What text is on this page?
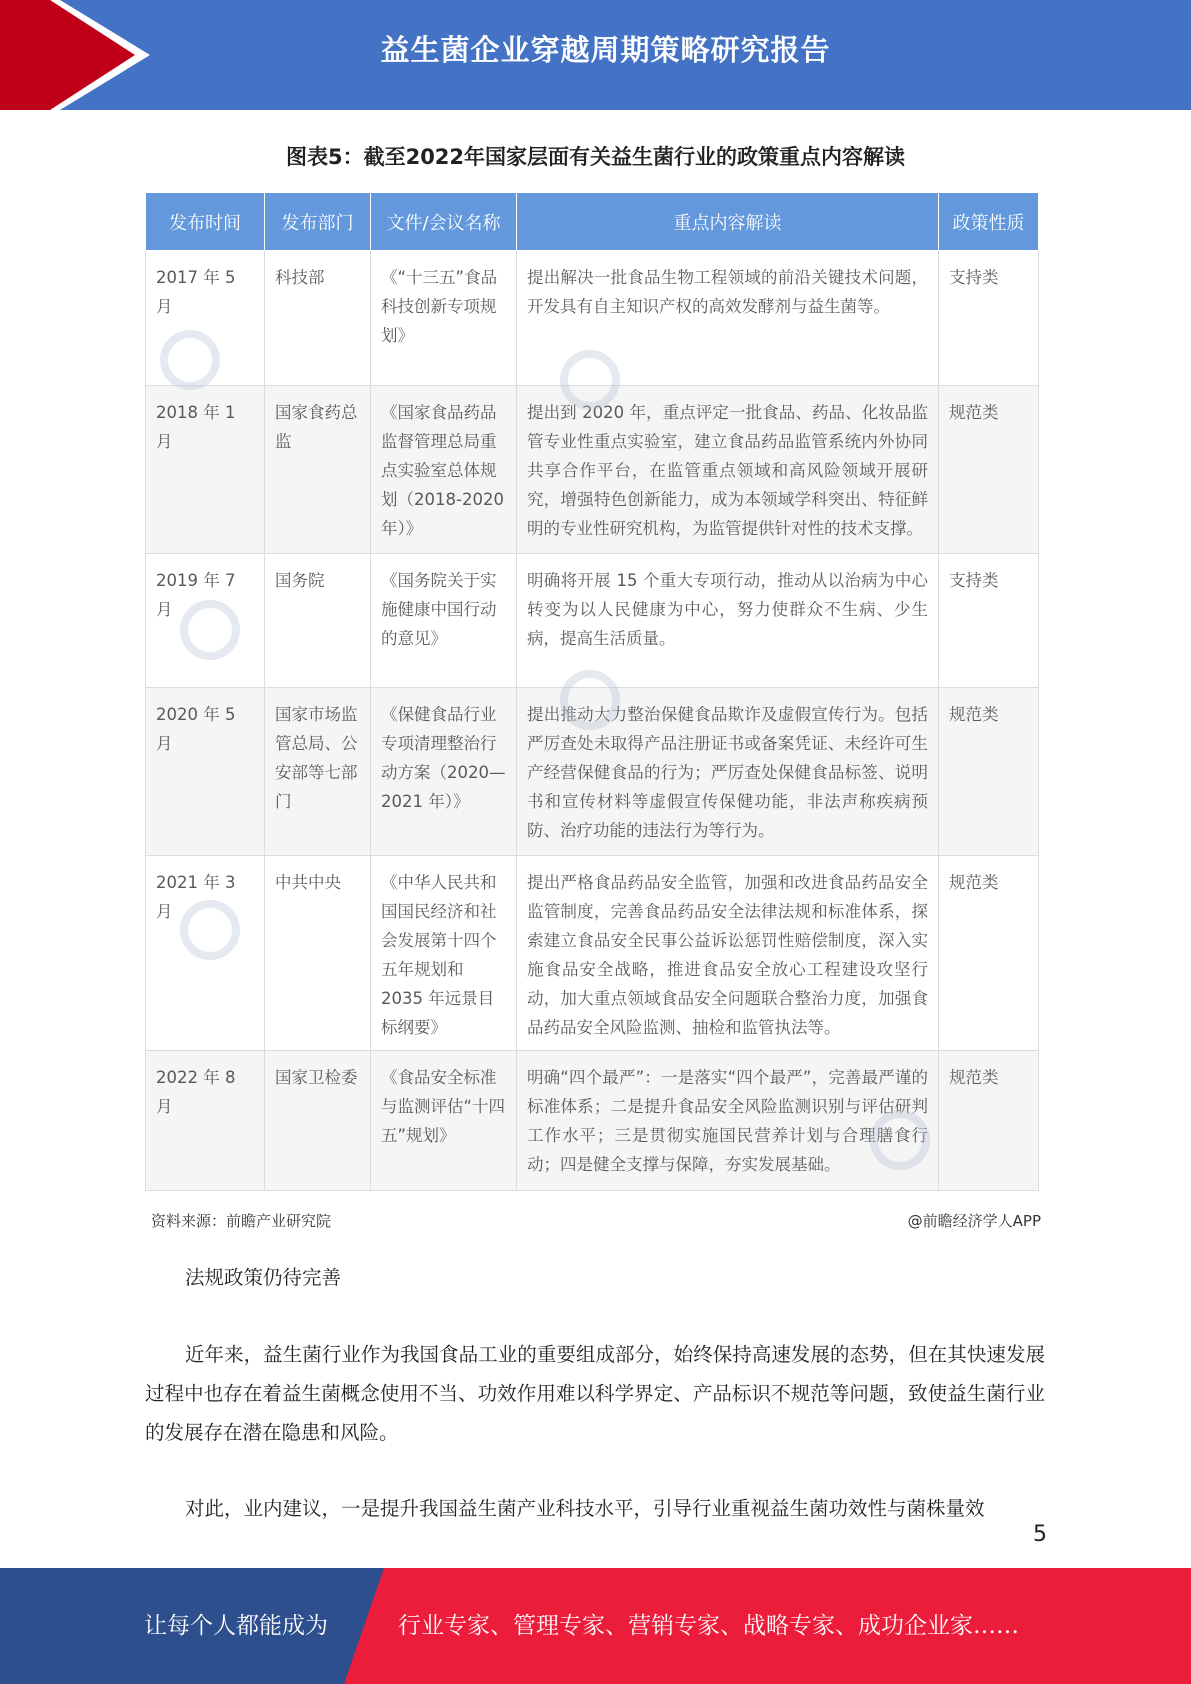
益生菌企业穿越周期策略研究报告
图表5：截至2022年国家层面有关益生菌行业的政策重点内容解读
发布时间	发布部门	文件/会议名称	重点内容解读	政策性质
2017 年 5 月	科技部	《“十三五”食品科技创新专项规划》	提出解决一批食品生物工程领域的前沿关键技术问题，开发具有自主知识产权的高效发酵剂与益生菌等。	支持类
2018 年 1 月	国家食药总监	《国家食品药品监督管理总局重点实验室总体规划（2018-2020 年）》	提出到 2020 年，重点评定一批食品、药品、化妆品监管专业性重点实验室，建立食品药品监管系统内外协同共享合作平台，在监管重点领域和高风险领域开展研究，增强特色创新能力，成为本领域学科突出、特征鲜明的专业性研究机构，为监管提供针对性的技术支撑。	规范类
2019 年 7 月	国务院	《国务院关于实施健康中国行动的意见》	明确将开展 15 个重大专项行动，推动从以治病为中心转变为以人民健康为中心，努力使群众不生病、少生病，提高生活质量。	支持类
2020 年 5 月	国家市场监管总局、公安部等七部门	《保健食品行业专项清理整治行动方案（2020—2021 年）》	提出推动大力整治保健食品欺诈及虚假宣传行为。包括严厉查处未取得产品注册证书或备案凭证、未经许可生产经营保健食品的行为；严厉查处保健食品标签、说明书和宣传材料等虚假宣传保健功能，非法声称疾病预防、治疗功能的违法行为等行为。	规范类
2021 年 3 月	中共中央	《中华人民共和国国民经济和社会发展第十四个五年规划和 2035 年远景目标纲要》	提出严格食品药品安全监管，加强和改进食品药品安全监管制度，完善食品药品安全法律法规和标准体系，探索建立食品安全民事公益诉讼惩罚性赔偿制度，深入实施食品安全战略，推进食品安全放心工程建设攻坚行动，加大重点领域食品安全问题联合整治力度，加强食品药品安全风险监测、抽检和监管执法等。	规范类
2022 年 8 月	国家卫检委	《食品安全标准与监测评估“十四五”规划》	明确“四个最严”：一是落实“四个最严”，完善最严谨的标准体系；二是提升食品安全风险监测识别与评估研判工作水平；三是贯彻实施国民营养计划与合理膳食行动；四是健全支撑与保障，夯实发展基础。	规范类
资料来源：前瞻产业研究院	@前瞻经济学人APP
法规政策仍待完善
近年来，益生菌行业作为我国食品工业的重要组成部分，始终保持高速发展的态势，但在其快速发展过程中也存在着益生菌概念使用不当、功效作用难以科学界定、产品标识不规范等问题，致使益生菌行业的发展存在潜在隐患和风险。
对此，业内建议，一是提升我国益生菌产业科技水平，引导行业重视益生菌功效性与菌株量效
5
让每个人都能成为	行业专家、管理专家、营销专家、战略专家、成功企业家……
